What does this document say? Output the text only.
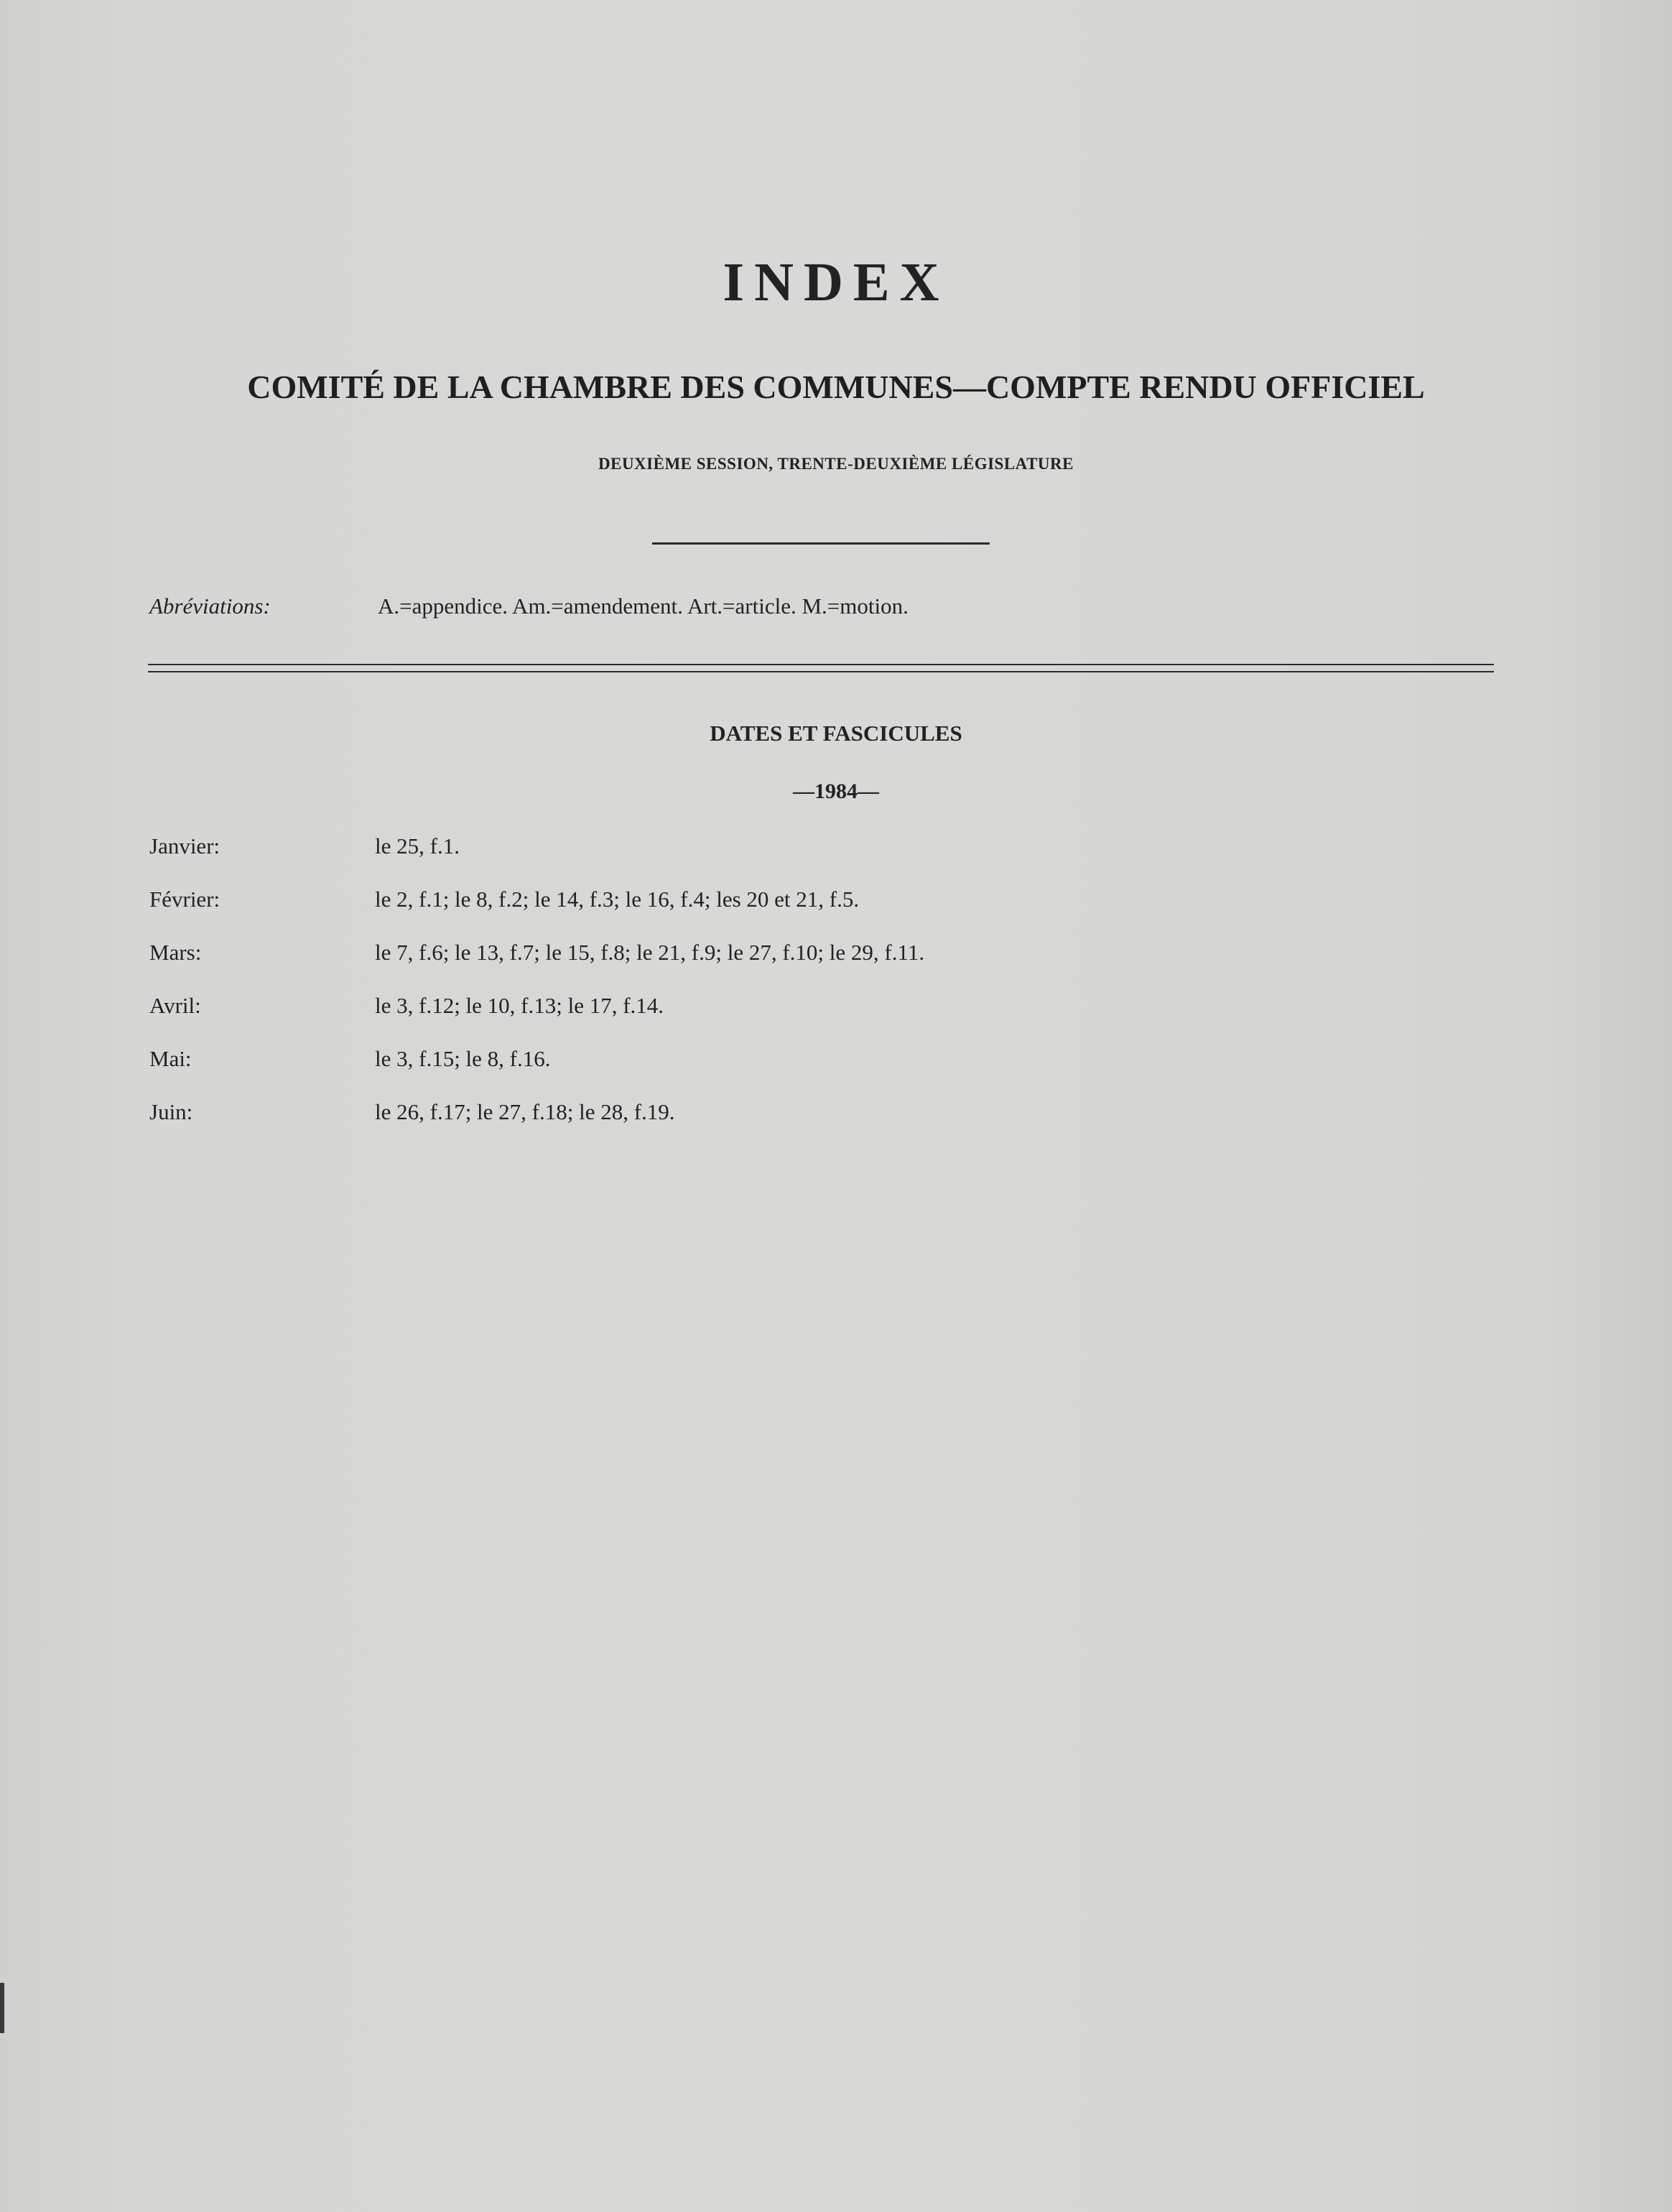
INDEX
COMITÉ DE LA CHAMBRE DES COMMUNES—COMPTE RENDU OFFICIEL
DEUXIÈME SESSION, TRENTE-DEUXIÈME LÉGISLATURE
Abréviations:	A.=appendice. Am.=amendement. Art.=article. M.=motion.
DATES ET FASCICULES
—1984—
Janvier:	le 25, f.1.
Février:	le 2, f.1; le 8, f.2; le 14, f.3; le 16, f.4; les 20 et 21, f.5.
Mars:	le 7, f.6; le 13, f.7; le 15, f.8; le 21, f.9; le 27, f.10; le 29, f.11.
Avril:	le 3, f.12; le 10, f.13; le 17, f.14.
Mai:	le 3, f.15; le 8, f.16.
Juin:	le 26, f.17; le 27, f.18; le 28, f.19.
